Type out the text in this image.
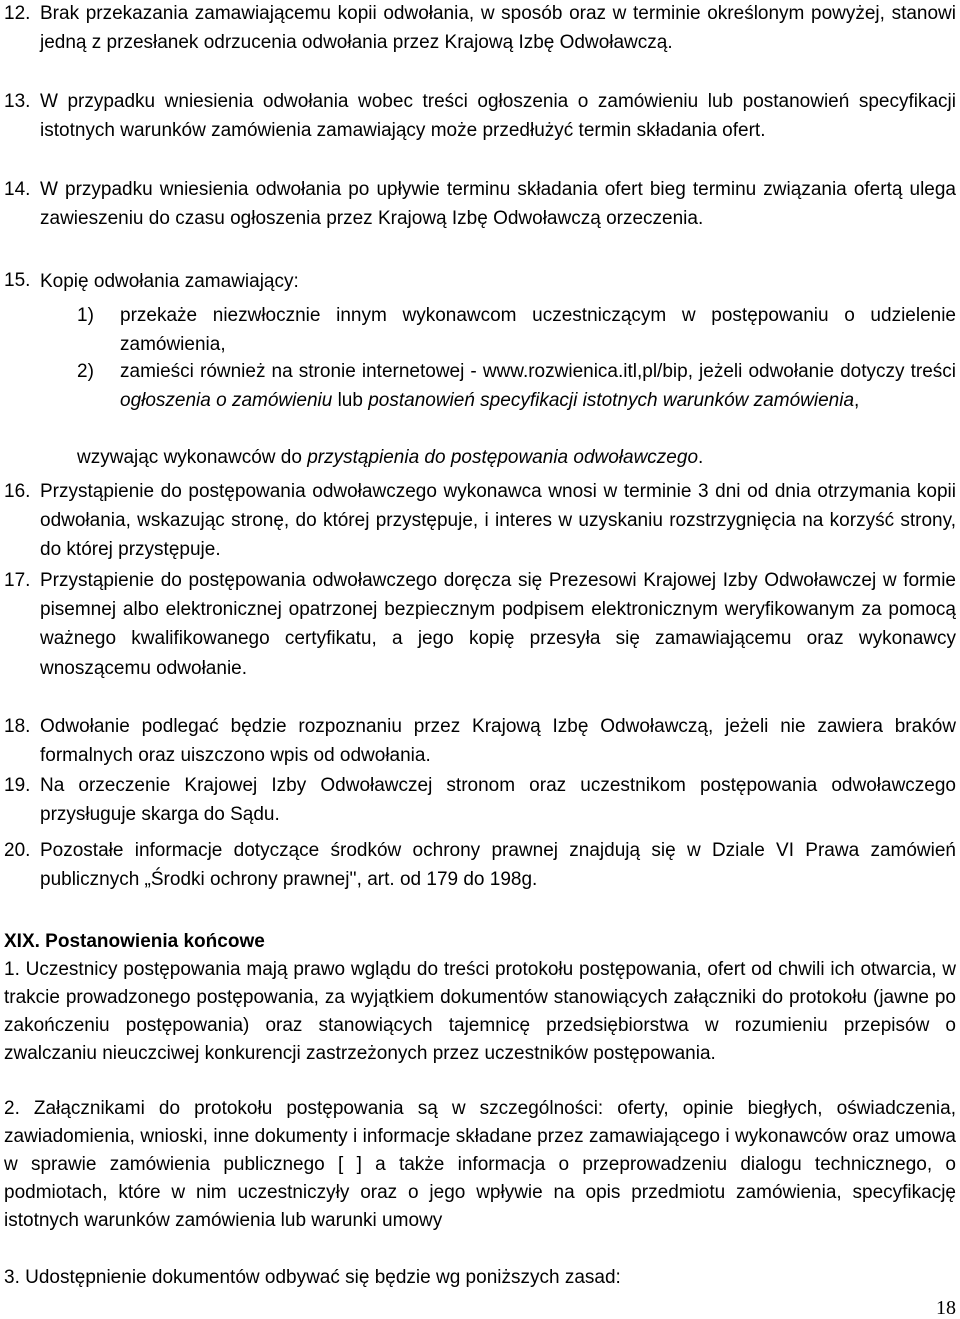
12. Brak przekazania zamawiającemu kopii odwołania, w sposób oraz w terminie określonym powyżej, stanowi jedną z przesłanek odrzucenia odwołania przez Krajową Izbę Odwoławczą.
13. W przypadku wniesienia odwołania wobec treści ogłoszenia o zamówieniu lub postanowień specyfikacji istotnych warunków zamówienia zamawiający może przedłużyć termin składania ofert.
14. W przypadku wniesienia odwołania po upływie terminu składania ofert bieg terminu związania ofertą ulega zawieszeniu do czasu ogłoszenia przez Krajową Izbę Odwoławczą orzeczenia.
15. Kopię odwołania zamawiający:
1) przekaże niezwłocznie innym wykonawcom uczestniczącym w postępowaniu o udzielenie zamówienia,
2) zamieści również na stronie internetowej - www.rozwienica.itl,pl/bip, jeżeli odwołanie dotyczy treści ogłoszenia o zamówieniu lub postanowień specyfikacji istotnych warunków zamówienia,
wzywając wykonawców do przystąpienia do postępowania odwoławczego.
16. Przystąpienie do postępowania odwoławczego wykonawca wnosi w terminie 3 dni od dnia otrzymania kopii odwołania, wskazując stronę, do której przystępuje, i interes w uzyskaniu rozstrzygnięcia na korzyść strony, do której przystępuje.
17. Przystąpienie do postępowania odwoławczego doręcza się Prezesowi Krajowej Izby Odwoławczej w formie pisemnej albo elektronicznej opatrzonej bezpiecznym podpisem elektronicznym weryfikowanym za pomocą ważnego kwalifikowanego certyfikatu, a jego kopię przesyła się zamawiającemu oraz wykonawcy wnoszącemu odwołanie.
18. Odwołanie podlegać będzie rozpoznaniu przez Krajową Izbę Odwoławczą, jeżeli nie zawiera braków formalnych oraz uiszczono wpis od odwołania.
19. Na orzeczenie Krajowej Izby Odwoławczej stronom oraz uczestnikom postępowania odwoławczego przysługuje skarga do Sądu.
20. Pozostałe informacje dotyczące środków ochrony prawnej znajdują się w Dziale VI Prawa zamówień publicznych „Środki ochrony prawnej'', art. od 179 do 198g.
XIX. Postanowienia końcowe
1. Uczestnicy postępowania mają prawo wglądu do treści protokołu postępowania, ofert od chwili ich otwarcia, w trakcie prowadzonego postępowania, za wyjątkiem dokumentów stanowiących załączniki do protokołu (jawne po zakończeniu postępowania) oraz stanowiących tajemnicę przedsiębiorstwa w rozumieniu przepisów o zwalczaniu nieuczciwej konkurencji zastrzeżonych przez uczestników postępowania.
2. Załącznikami do protokołu postępowania są w szczególności: oferty, opinie biegłych, oświadczenia, zawiadomienia, wnioski, inne dokumenty i informacje składane przez zamawiającego i wykonawców oraz umowa w sprawie zamówienia publicznego [ ] a także informacja o przeprowadzeniu dialogu technicznego, o podmiotach, które w nim uczestniczyły oraz o jego wpływie na opis przedmiotu zamówienia, specyfikację istotnych warunków zamówienia lub warunki umowy
3. Udostępnienie dokumentów odbywać się będzie wg poniższych zasad:
18
